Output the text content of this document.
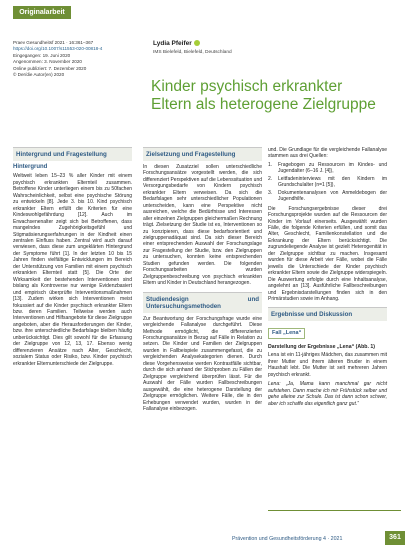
Originalarbeit
Praev Gesundheitsf 2021 · 16:361–367
https://doi.org/10.1007/s11553-020-00818-4
Eingegangen: 19. Juni 2020
Angenommen: 3. November 2020
Online publiziert: 7. Dezember 2020
© Der/die Autor(en) 2020
Lydia Pfeifer
IMS Bielefeld, Bielefeld, Deutschland
Kinder psychisch erkrankter
Eltern als heterogene Zielgruppe
Hintergrund und Fragestellung
Hintergrund

Weltweit leben 15–23 % aller Kinder mit einem psychisch erkrankten Elternteil zusammen. Betroffene Kinder unterliegen einem bis zu 50fachen Wahrscheinlichkeit, selbst eine psychische Störung zu entwickeln [8]. Jede 3. bis 10. Kind psychisch erkrankter Eltern erfüllt die Kriterien für eine Kindeswohlgefährdung [12]. Auch im Erwachsenenalter zeigt sich bei Betroffenen, dass mangelndes Zugehörigkeitsgefühl und Stigmatisierungserfahrungen in der Kindheit einen zentralen Einfluss haben. Zentral wird auch darauf verwiesen, dass diese zum ungeklärten Hintergrund der Symptome führt [1]. In der letzten 10 bis 15 Jahren finden vielfältige Entwicklungen im Bereich der Unterstützung von Familien mit einem psychisch erkrankten Elternteil statt [5]. Die Orte der Wirksamkeit der bestehenden Interventionen sind bislang als Kontroverse nur wenige Evidenzbasiert und empirisch überprüfte Interventionsmaßnahmen [13]. Zudem wirken sich Interventionen meist fokussiert auf die Kinder psychisch erkrankter Eltern bzw. deren Familien. Teilweise werden auch Interventionen und Hilfsangebote für diese Zielgruppe angeboten, aber die Herausforderungen der Kinder, bzw. ihre unterschiedliche Bedarfslage bleiben häufig unberücksichtigt. Dies gilt sowohl für die Erfassung der Zielgruppe von 12, 13, 17. Ebenso wenig differenzieren Ansätze nach Alter, Geschlecht, sozialem Status oder Risiko, bzw. Kinder psychisch erkrankter Elternunterschiede der Zielgruppe.

Zielsetzung und Fragestellung

In diesen Zusatzziel sollen unterschiedliche Forschungsansätze vorgestellt werden, die sich differenziert Perspektiven auf die Lebenssituation und Versorgungsbedarfe von Kindern psychisch erkrankter Eltern verweisen. Da sich die Bedarfslagen sehr unterschiedlicher Populationen unterscheiden, kann eine Perspektive nicht ausreichen, welche die Bedürfnisse und Interessen aller einzelnen Zielgruppen gleichermaßen Rechnung trägt. Zielsetzung der Studie ist es, Interventionen so zu konzipieren, dass diese bedarfsorientiert und zielgruppenadäquat sind. Da sich dieser Bereich einer entsprechenden Auswahl der Forschungslage zur Fragestellung der Studie, bzw. den Zielgruppen zu untersuchen, konnten keine entsprechenden Studien gefunden werden. Die folgenden Forschungsarbeiten wurden Zielgruppenbeschreibung von psychisch erkrankten Eltern und Kinder in Deutschland herangezogen.

Studiendesign und Untersuchungsmethoden

Zur Beantwortung der Forschungsfrage wurde eine vergleichende Fallanalyse durchgeführt. Diese Methode ermöglicht, die differenzierten Forschungsansätze in Bezug auf Fälle in Relation zu setzen. Die Kinder und Familien der Zielgruppen wurden in Fallbeispiele zusammengefasst, die zu vergleichenden Analysekategorien dienen. Durch diese Vorgehensweise werden Kontrastfälle sichtbar, durch die sich anhand der Stichproben zu Fällen der Zielgruppe vergleichend überprüfen lässt. Für die Auswahl der Fälle wurden Fallbeschreibungen ausgewählt, die eine heterogene Darstellung der Zielgruppe ermöglichen. Weitere Fälle, die in den Erhebungen verwendet wurden, wurden in der Fallanalyse einbezogen.

und. Die Grundlage für die vergleichende Fallanalyse stammen aus drei Quellen:

1.	Fragebogen zu Ressourcen im Kindes- und Jugendalter (6–16 J. [4]),
2.	Leitfadeninterviews mit den Kindern im Grundschulalter (n=1 [5]),
3.	Dokumentenanalysen von Anmeldebogen der Jugendhilfe.

Die Forschungsergebnisse dieser drei Forschungsprojekte wurden auf die Ressourcen der Kinder im Vorlauf einerseits. Ausgewählt wurden Fälle, die folgende Kriterien erfüllen, und somit das Alter, Geschlecht, Familienkonstellation und die Erkrankung der Eltern berücksichtigt. Die zugrundeliegende Analyse ist gezielt Heterogenität in der Zielgruppe sichtbar zu machen. Insgesamt wurden für diese Arbeit vier Fälle, wobei die Fälle jeweils die Unterschiede der Kinder psychisch erkrankter Eltern sowie die Zielgruppe widerspiegeln. Die Auswertung erfolgte durch eine Inhaltsanalyse, angelehnt an [13]. Ausführliche Fallbeschreibungen und Ergebnisdarstellungen finden sich in den Primärstudien sowie im Anhang.

Ergebnisse und Diskussion
Fall „Lena“
Darstellung der Ergebnisse „Lena“ (Abb. 1)

Lena ist ein 11-jähriges Mädchen, das zusammen mit ihrer Mutter und ihrem älteren Bruder in einem Haushalt lebt. Die Mutter ist seit mehreren Jahren psychisch erkrankt.

Lena: „Ja, Mama kann manchmal gar nicht aufstehen. Dann mache ich mir Frühstück selber und gehe alleine zur Schule. Das ist dann schon schwer, aber ich schaffe das eigentlich ganz gut.“

Prävention und Gesundheitsförderung 4 · 2021	361
